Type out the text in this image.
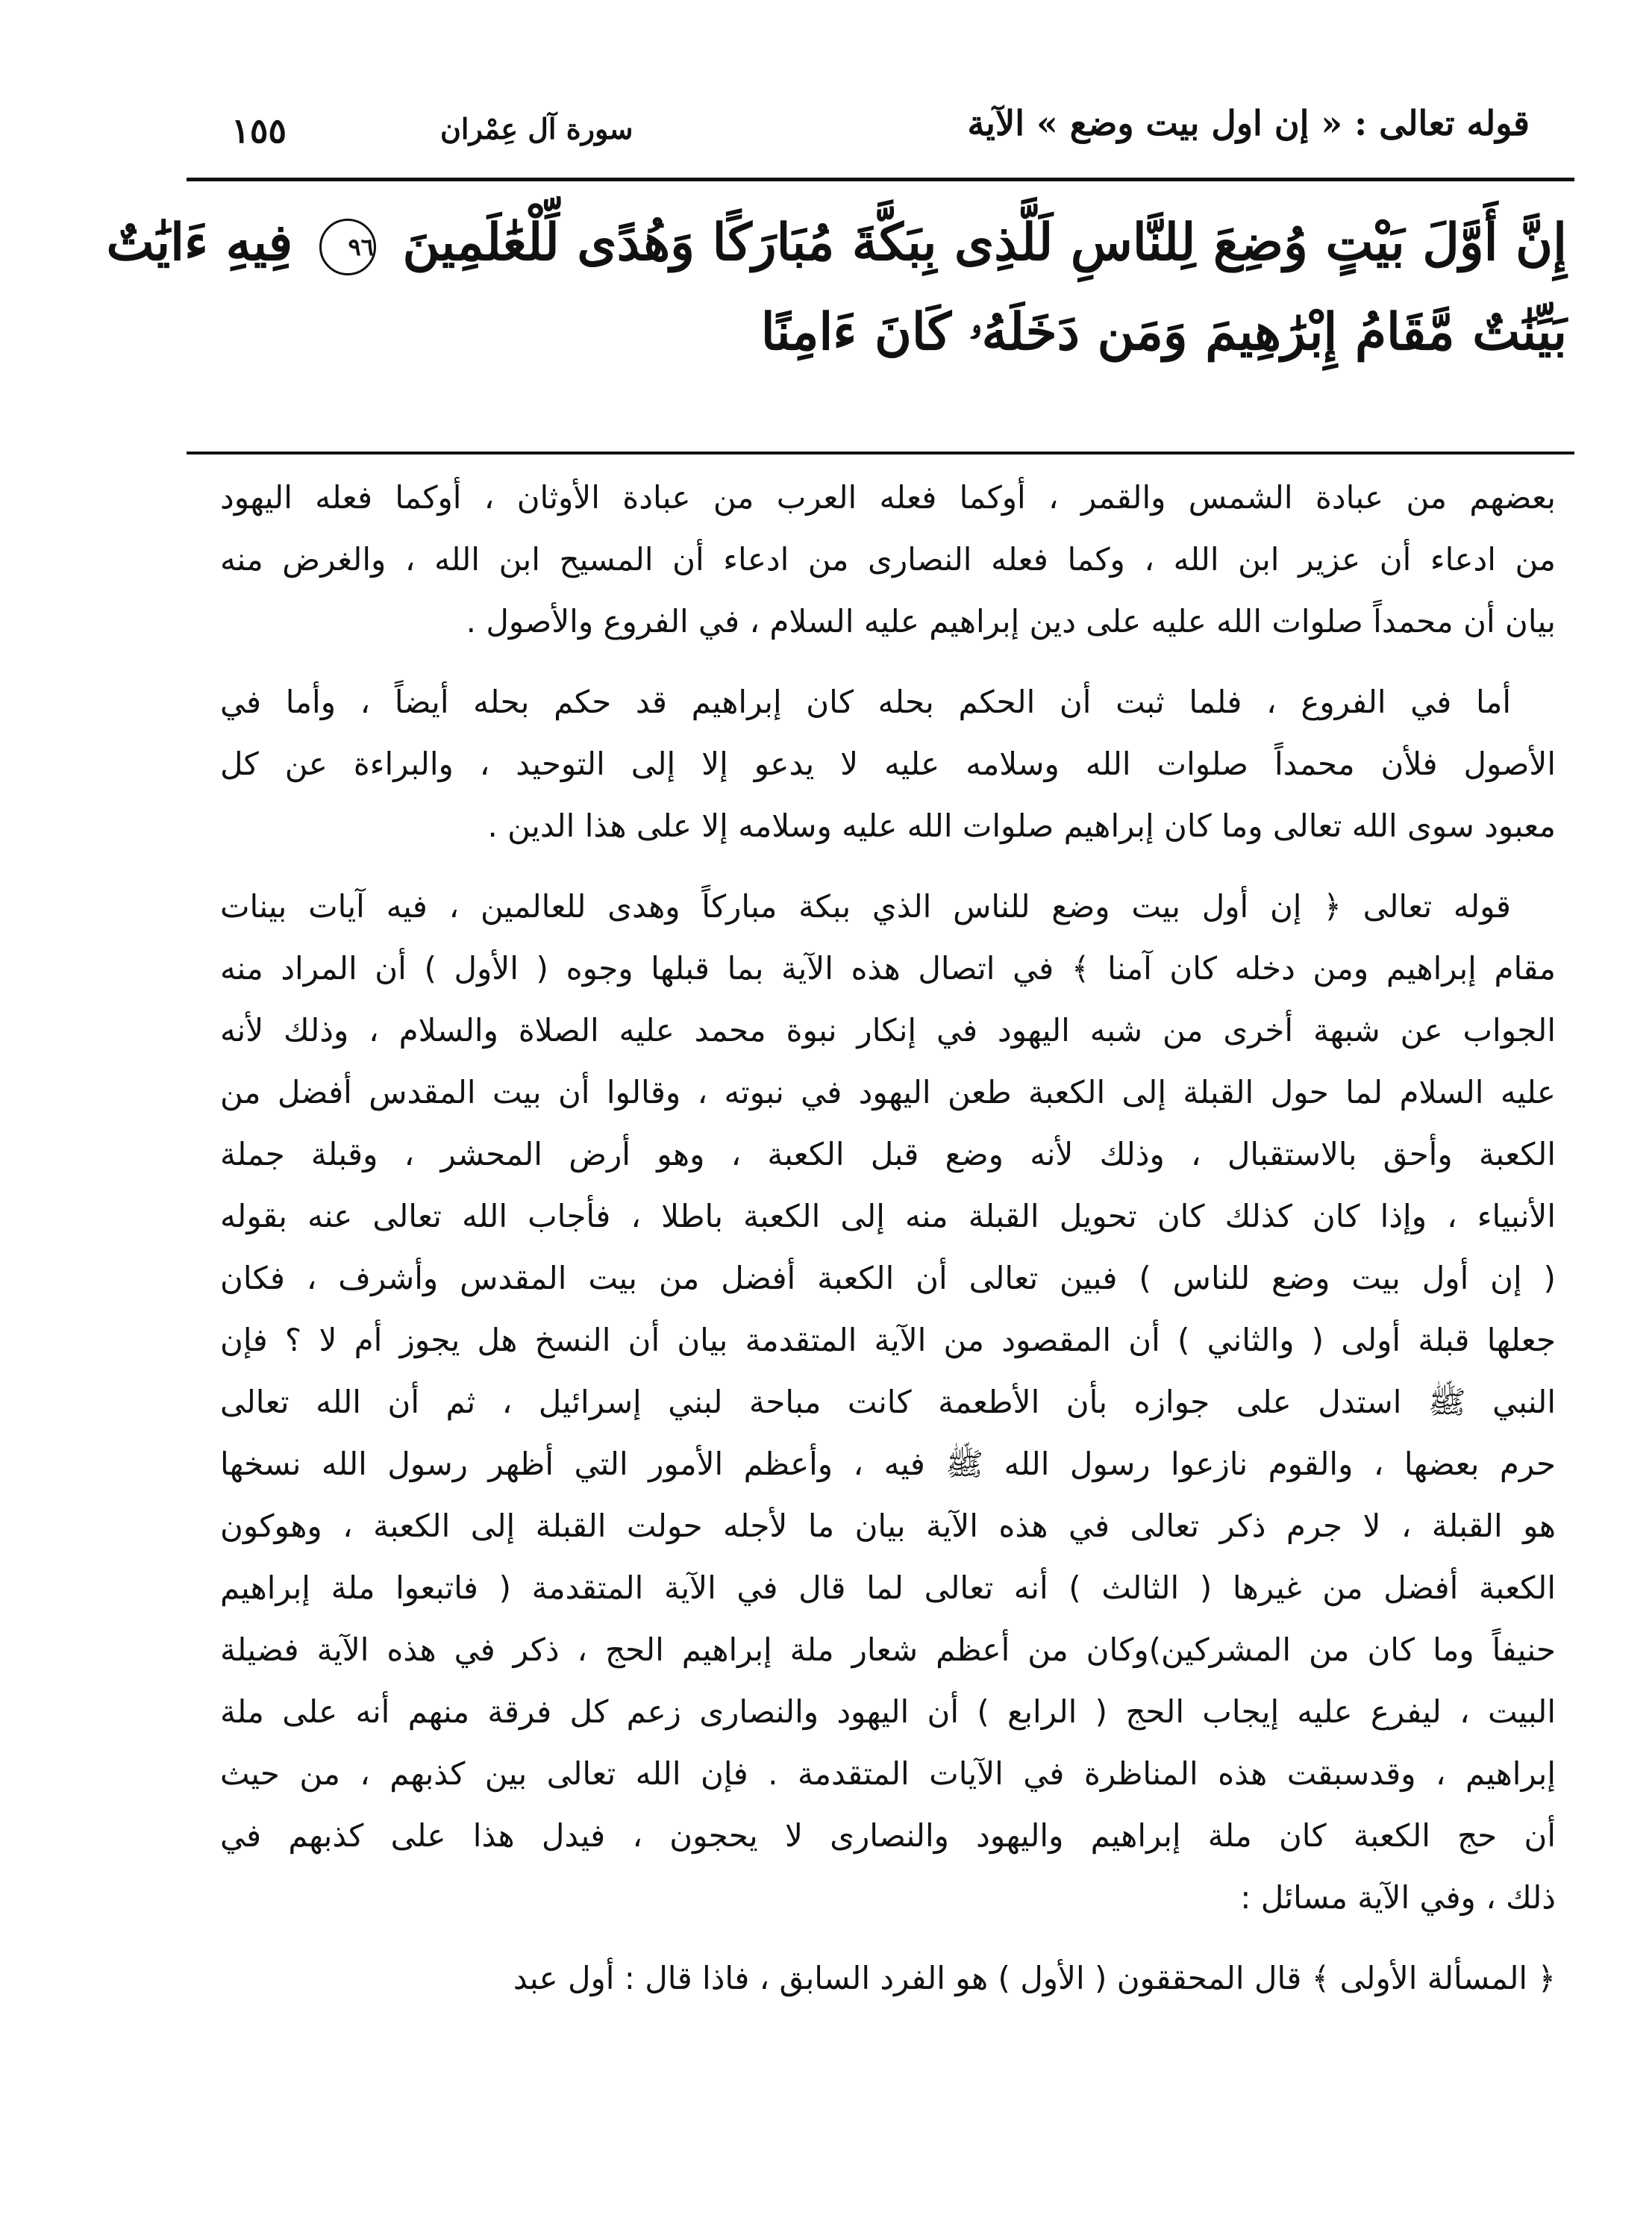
قوله تعالى : « إن اول بيت وضع » الآية
سورة آل عِمْران
١٥٥
إِنَّ أَوَّلَ بَيْتٍ وُضِعَ لِلنَّاسِ لَلَّذِى بِبَكَّةَ مُبَارَكًا وَهُدًى لِّلْعَٰلَمِينَ ٩٦ فِيهِ ءَايَٰتٌ
بَيِّنَٰتٌ مَّقَامُ إِبْرَٰهِيمَ وَمَن دَخَلَهُۥ كَانَ ءَامِنًا
بعضهم من عبادة الشمس والقمر ، أوكما فعله العرب من عبادة الأوثان ، أوكما فعله اليهود
من ادعاء أن عزير ابن الله ، وكما فعله النصارى من ادعاء أن المسيح ابن الله ، والغرض منه
بيان أن محمداً صلوات الله عليه على دين إبراهيم عليه السلام ، في الفروع والأصول .
أما في الفروع ، فلما ثبت أن الحكم بحله كان إبراهيم قد حكم بحله أيضاً ، وأما في
الأصول فلأن محمداً صلوات الله وسلامه عليه لا يدعو إلا إلى التوحيد ، والبراءة عن كل
معبود سوى الله تعالى وما كان إبراهيم صلوات الله عليه وسلامه إلا على هذا الدين .
قوله تعالى ﴿ إن أول بيت وضع للناس الذي ببكة مباركاً وهدى للعالمين ، فيه آيات بينات
مقام إبراهيم ومن دخله كان آمنا ﴾ في اتصال هذه الآية بما قبلها وجوه ( الأول ) أن المراد منه
الجواب عن شبهة أخرى من شبه اليهود في إنكار نبوة محمد عليه الصلاة والسلام ، وذلك لأنه
عليه السلام لما حول القبلة إلى الكعبة طعن اليهود في نبوته ، وقالوا أن بيت المقدس أفضل من
الكعبة وأحق بالاستقبال ، وذلك لأنه وضع قبل الكعبة ، وهو أرض المحشر ، وقبلة جملة
الأنبياء ، وإذا كان كذلك كان تحويل القبلة منه إلى الكعبة باطلا ، فأجاب الله تعالى عنه بقوله
( إن أول بيت وضع للناس ) فبين تعالى أن الكعبة أفضل من بيت المقدس وأشرف ، فكان
جعلها قبلة أولى ( والثاني ) أن المقصود من الآية المتقدمة بيان أن النسخ هل يجوز أم لا ؟ فإن
النبي ﷺ استدل على جوازه بأن الأطعمة كانت مباحة لبني إسرائيل ، ثم أن الله تعالى
حرم بعضها ، والقوم نازعوا رسول الله ﷺ فيه ، وأعظم الأمور التي أظهر رسول الله نسخها
هو القبلة ، لا جرم ذكر تعالى في هذه الآية بيان ما لأجله حولت القبلة إلى الكعبة ، وهوكون
الكعبة أفضل من غيرها ( الثالث ) أنه تعالى لما قال في الآية المتقدمة ( فاتبعوا ملة إبراهيم
حنيفاً وما كان من المشركين)وكان من أعظم شعار ملة إبراهيم الحج ، ذكر في هذه الآية فضيلة
البيت ، ليفرع عليه إيجاب الحج ( الرابع ) أن اليهود والنصارى زعم كل فرقة منهم أنه على ملة
إبراهيم ، وقدسبقت هذه المناظرة في الآيات المتقدمة . فإن الله تعالى بين كذبهم ، من حيث
أن حج الكعبة كان ملة إبراهيم واليهود والنصارى لا يحجون ، فيدل هذا على كذبهم في
ذلك ، وفي الآية مسائل :
﴿ المسألة الأولى ﴾ قال المحققون ( الأول ) هو الفرد السابق ، فاذا قال : أول عبد
